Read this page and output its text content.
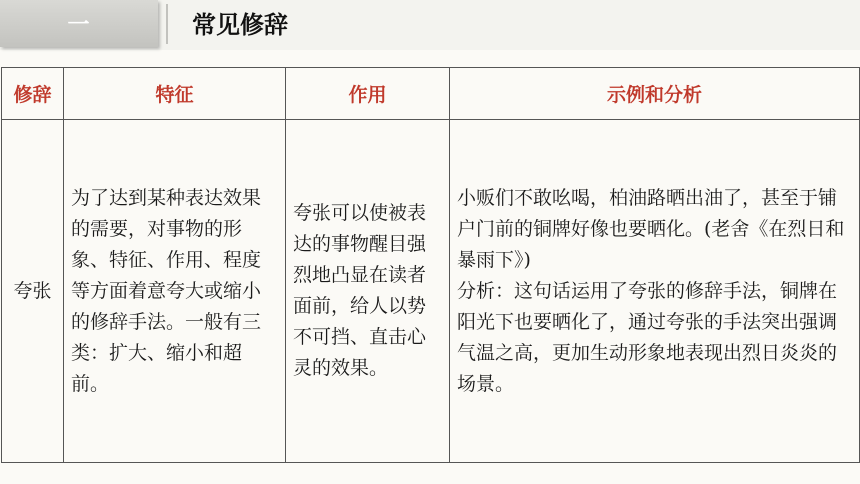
一	常见修辞
修辞	特征	作用	示例和分析
夸张	为了达到某种表达效果的需要，对事物的形象、特征、作用、程度等方面着意夸大或缩小的修辞手法。一般有三类：扩大、缩小和超前。	夸张可以使被表达的事物醒目强烈地凸显在读者面前，给人以势不可挡、直击心灵的效果。	小贩们不敢吆喝，柏油路晒出油了，甚至于铺户门前的铜牌好像也要晒化。(老舍《在烈日和暴雨下》)

分析：这句话运用了夸张的修辞手法，铜牌在阳光下也要晒化了，通过夸张的手法突出强调气温之高，更加生动形象地表现出烈日炎炎的场景。
